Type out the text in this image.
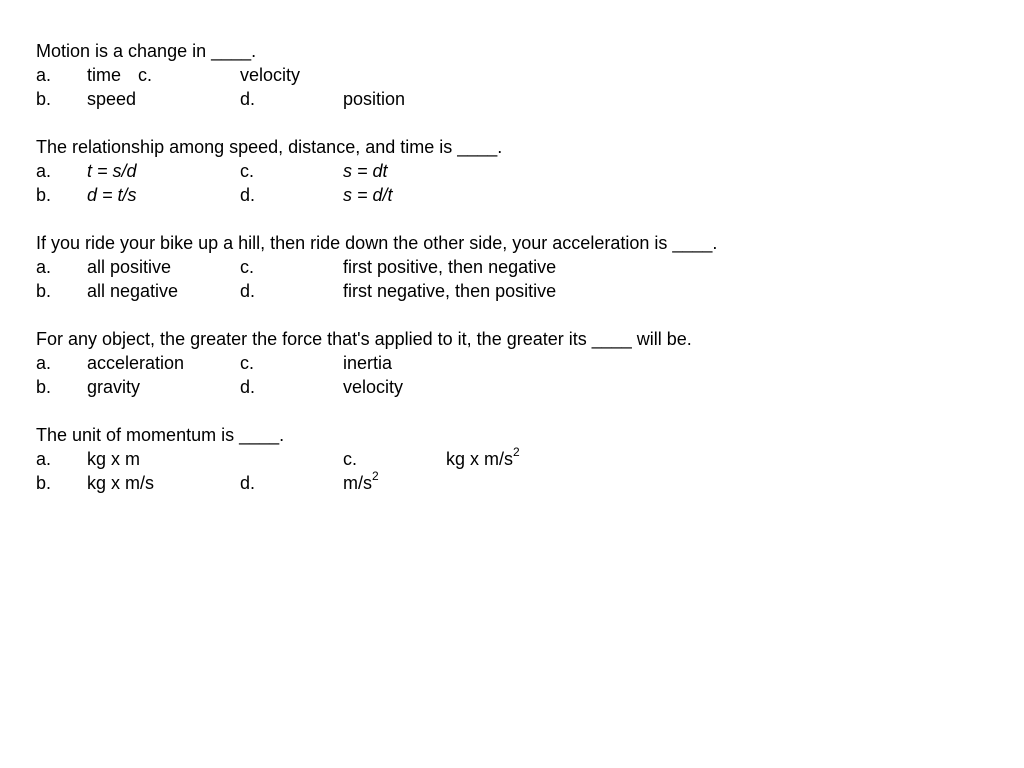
Motion is a change in ____.
a. time c.	velocity
b. speed	d.	position
The relationship among speed, distance, and time is ____.
a. t = s/d	c.	s = dt
b. d = t/s	d.	s = d/t
If you ride your bike up a hill, then ride down the other side, your acceleration is ____.
a. all positive	c.	first positive, then negative
b. all negative	d.	first negative, then positive
For any object, the greater the force that's applied to it, the greater its ____ will be.
a. acceleration	c.	inertia
b. gravity	d.	velocity
The unit of momentum is ____.
a. kg x m	c.	kg x $m/s^2$
b. kg x m/s	d.	$m/s^2$
